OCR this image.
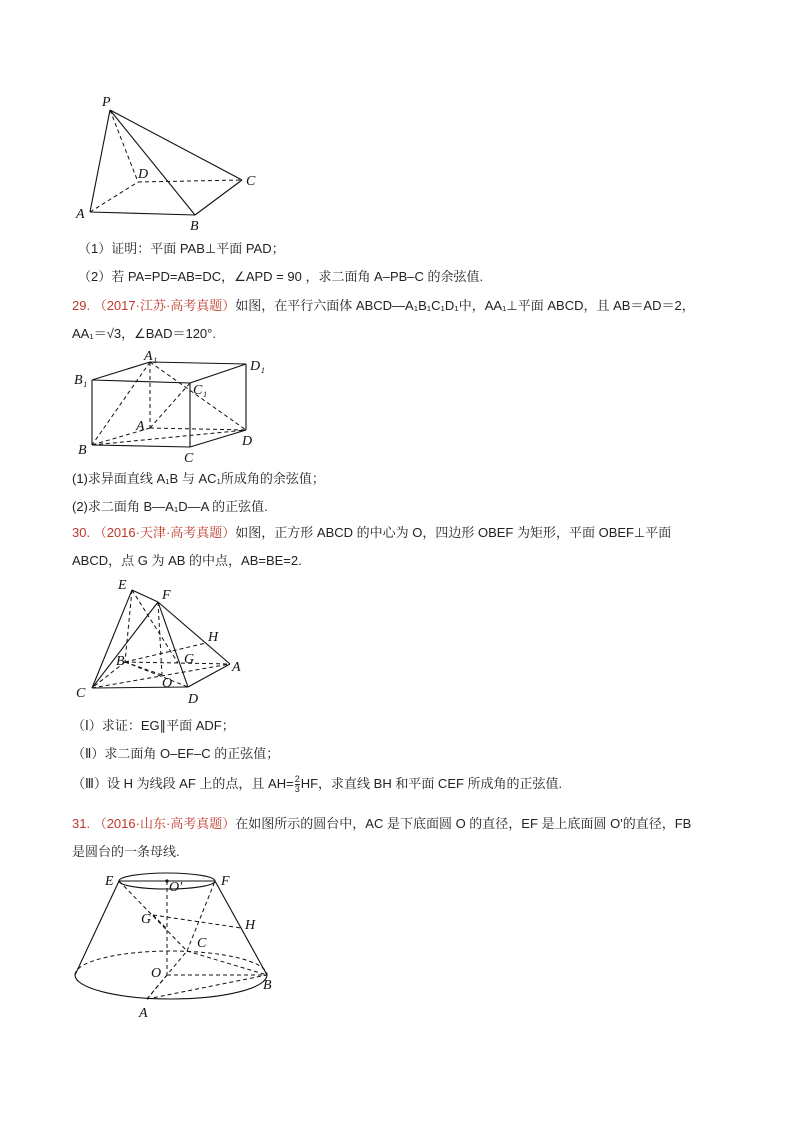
P
D	C
A
B
（1）证明：平面 PAB⊥平面 PAD；
（2）若 PA=PD=AB=DC，∠APD = 90 ，求二面角 A–PB–C 的余弦值.
29. （2017·江苏·高考真题）如图，在平行六面体 ABCD—A₁B₁C₁D₁中，AA₁⊥平面 ABCD，且 AB＝AD＝2，
AA₁＝√3，∠BAD＝120°.
A₁
D₁
B₁
C₁
A
B
C
D
(1)求异面直线 A₁B 与 AC₁所成角的余弦值；
(2)求二面角 B—A₁D—A 的正弦值.
30. （2016·天津·高考真题）如图，正方形 ABCD 的中心为 O，四边形 OBEF 为矩形，平面 OBEF⊥平面
ABCD，点 G 为 AB 的中点，AB=BE=2.
E
F
H
B	G
A
C
O
D
（Ⅰ）求证：EG∥平面 ADF；
（Ⅱ）求二面角 O–EF–C 的正弦值；
（Ⅲ）设 H 为线段 AF 上的点，且 $AH= \frac{2}{3}$ HF，求直线 BH 和平面 CEF 所成角的正弦值.
31. （2016·山东·高考真题）在如图所示的圆台中，AC 是下底面圆 O 的直径，EF 是上底面圆 O'的直径，FB
是圆台的一条母线.
E	O'	F
G	H
C
O
B
A
